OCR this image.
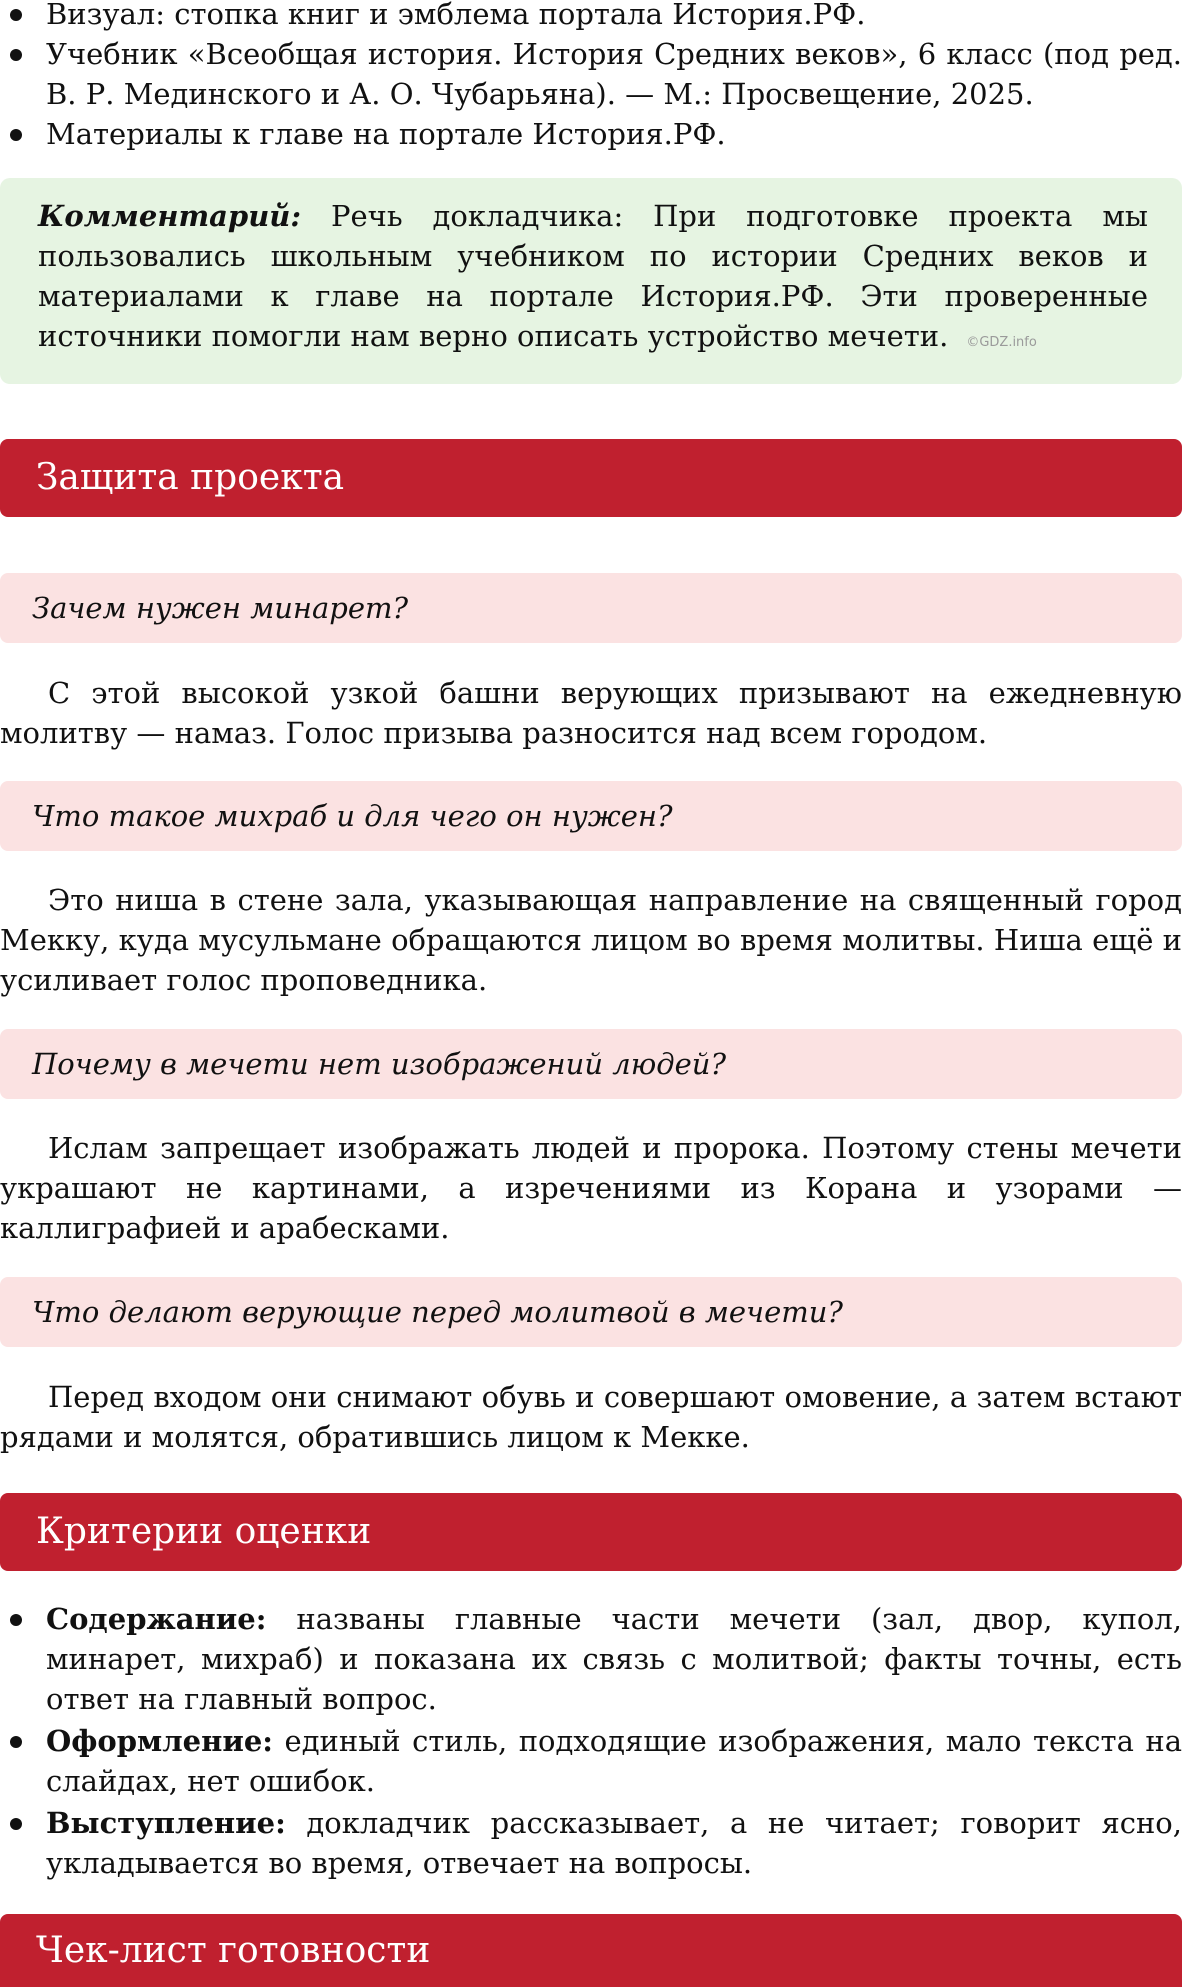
Визуал: стопка книг и эмблема портала История.РФ.
Учебник «Всеобщая история. История Средних веков», 6 класс (под ред. В. Р. Мединского и А. О. Чубарьяна). — М.: Просвещение, 2025.
Материалы к главе на портале История.РФ.
Комментарий: Речь докладчика: При подготовке проекта мы пользовались школьным учебником по истории Средних веков и материалами к главе на портале История.РФ. Эти проверенные источники помогли нам верно описать устройство мечети. ©GDZ.info
Защита проекта
Зачем нужен минарет?

С этой высокой узкой башни верующих призывают на ежедневную молитву — намаз. Голос призыва разносится над всем городом.

Что такое михраб и для чего он нужен?

Это ниша в стене зала, указывающая направление на священный город Мекку, куда мусульмане обращаются лицом во время молитвы. Ниша ещё и усиливает голос проповедника.

Почему в мечети нет изображений людей?

Ислам запрещает изображать людей и пророка. Поэтому стены мечети украшают не картинами, а изречениями из Корана и узорами — каллиграфией и арабесками.

Что делают верующие перед молитвой в мечети?

Перед входом они снимают обувь и совершают омовение, а затем встают рядами и молятся, обратившись лицом к Мекке.

Критерии оценки
Содержание: названы главные части мечети (зал, двор, купол, минарет, михраб) и показана их связь с молитвой; факты точны, есть ответ на главный вопрос.
Оформление: единый стиль, подходящие изображения, мало текста на слайдах, нет ошибок.
Выступление: докладчик рассказывает, а не читает; говорит ясно, укладывается во время, отвечает на вопросы.
Чек-лист готовности
